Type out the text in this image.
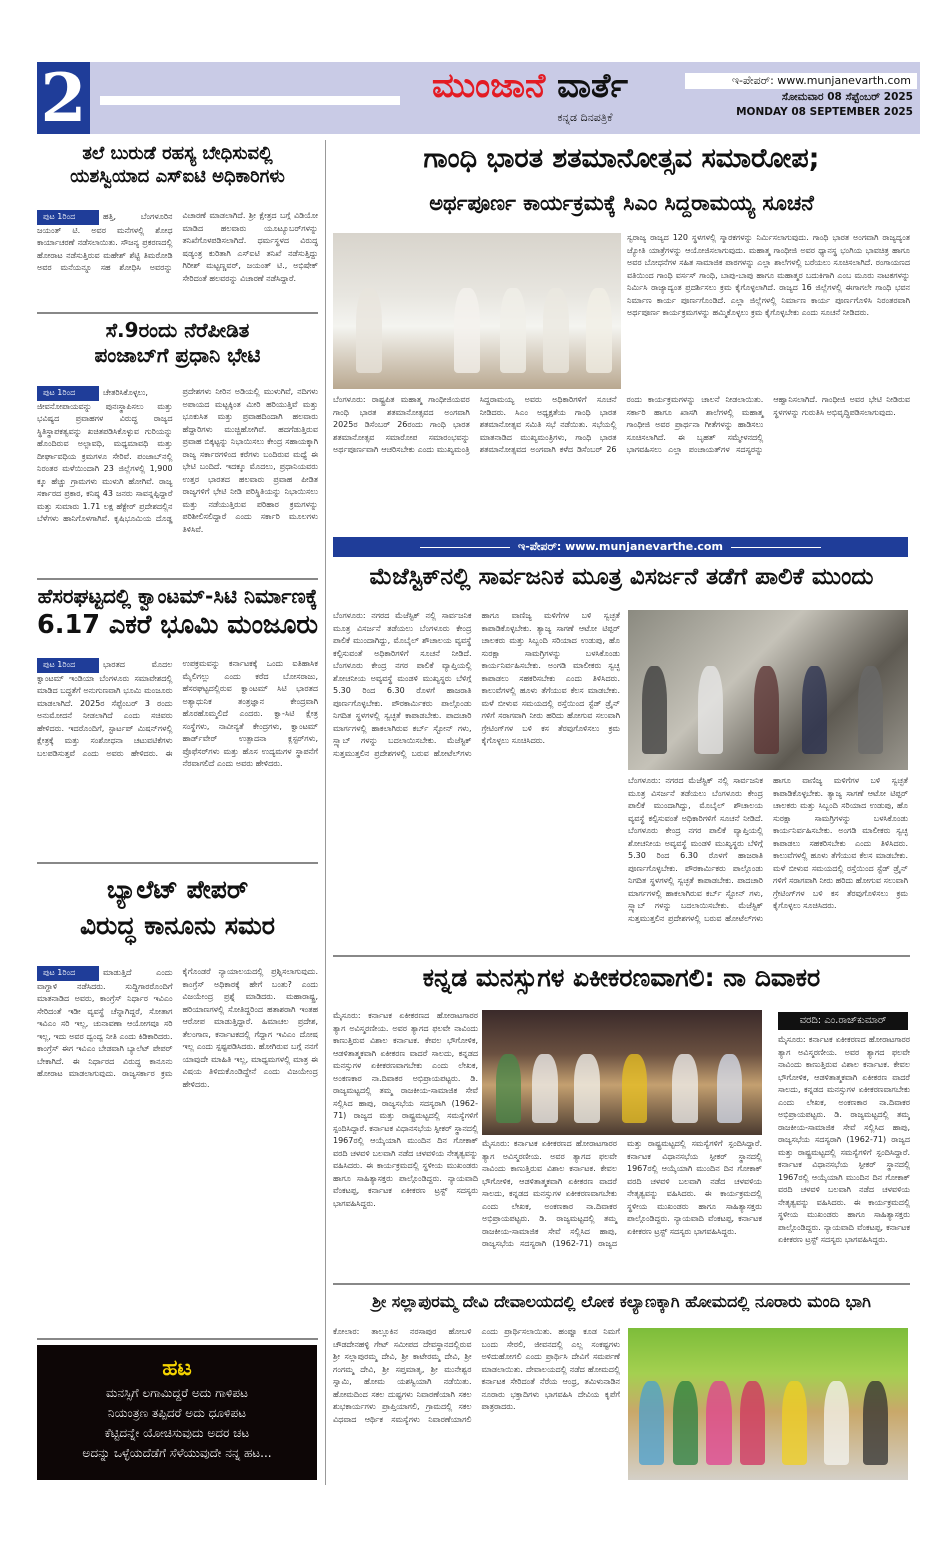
2	ಮುಂಜಾನೆ ವಾರ್ತೆ
ಕನ್ನಡ ದಿನಪತ್ರಿಕೆ
ಇ-ಪೇಪರ್: www.munjanevarth.com
ಸೋಮವಾರ 08 ಸೆಪ್ಟೆಂಬರ್ 2025
MONDAY 08 SEPTEMBER 2025
ತಲೆ ಬುರುಡೆ ರಹಸ್ಯ ಬೇಧಿಸುವಲ್ಲಿ
ಯಶಸ್ವಿಯಾದ ಎಸ್‌ಐಟಿ ಅಧಿಕಾರಿಗಳು
ಪುಟ 1ರಿಂದ	ಹತ್ತಿ, ಬೆಂಗಳೂರಿನ ಜಯಂತ್ ಟಿ. ಅವರ ಮನೆಗಳಲ್ಲಿ ಶೋಧ ಕಾರ್ಯಾಚರಣೆ ನಡೆಸಲಾಯಿತು. ಸೌಜನ್ಯ ಪ್ರಕರಣದಲ್ಲಿ ಹೋರಾಟ ನಡೆಸುತ್ತಿರುವ ಮಹೇಶ್ ಶೆಟ್ಟಿ ತಿಮರೋಡಿ ಅವರ ಮನೆಯನ್ನೂ ಸಹ ಶೋಧಿಸಿ ಅವರನ್ನು ವಿಚಾರಣೆ ಮಾಡಲಾಗಿದೆ. ಶ್ರೀ ಕ್ಷೇತ್ರದ ಬಗ್ಗೆ ವಿಡಿಯೋ ಮಾಡಿದ ಹಲವಾರು ಯೂಟ್ಯೂಬರ್‌ಗಳನ್ನು ತನಿಖೆಗೊಳಪಡಿಸಲಾಗಿದೆ. ಧರ್ಮಸ್ಥಳದ ವಿರುದ್ಧ ಷಡ್ಯಂತ್ರ ಕುರಿತಾಗಿ ಎಸ್‌ಐಟಿ ತನಿಖೆ ನಡೆಸುತ್ತಿದ್ದು ಗಿರೀಶ್ ಮಟ್ಟಣ್ಣವರ್, ಜಯಂತ್ ಟಿ., ಅಭಿಷೇಕ್ ಸೇರಿದಂತೆ ಹಲವರನ್ನು ವಿಚಾರಣೆ ನಡೆಸಿದ್ದಾರೆ.
ಸೆ.9ರಂದು ನೆರೆಪೀಡಿತ
ಪಂಜಾಬ್‌ಗೆ ಪ್ರಧಾನಿ ಭೇಟಿ
ಪುಟ 1ರಿಂದ	ಚೇತರಿಸಿಕೊಳ್ಳಲು, ಜೀವನೋಪಾಯವನ್ನು ಪುನಃಸ್ಥಾಪಿಸಲು ಮತ್ತು ಭವಿಷ್ಯದ ಪ್ರವಾಹಗಳ ವಿರುದ್ಧ ರಾಜ್ಯದ ಸ್ಥಿತಿಸ್ಥಾಪಕತ್ವವನ್ನು ಖಚಿತಪಡಿಸಿಕೊಳ್ಳುವ ಗುರಿಯನ್ನು ಹೊಂದಿರುವ ಅಲ್ಪಾವಧಿ, ಮಧ್ಯಮಾವಧಿ ಮತ್ತು ದೀರ್ಘಾವಧಿಯ ಕ್ರಮಗಳೂ ಸೇರಿವೆ. ಪಂಜಾಬ್‌ನಲ್ಲಿ ನಿರಂತರ ಮಳೆಯಿಂದಾಗಿ 23 ಜಿಲ್ಲೆಗಳಲ್ಲಿ 1,900 ಕ್ಕೂ ಹೆಚ್ಚು ಗ್ರಾಮಗಳು ಮುಳುಗಿ ಹೋಗಿವೆ. ರಾಜ್ಯ ಸರ್ಕಾರದ ಪ್ರಕಾರ, ಕನಿಷ್ಠ 43 ಜನರು ಸಾವನ್ನಪ್ಪಿದ್ದಾರೆ ಮತ್ತು ಸುಮಾರು 1.71 ಲಕ್ಷ ಹೆಕ್ಟೇರ್ ಪ್ರದೇಶದಲ್ಲಿನ ಬೆಳೆಗಳು ಹಾನಿಗೊಳಗಾಗಿವೆ. ಕೃಷಿಭೂಮಿಯ ದೊಡ್ಡ ಪ್ರದೇಶಗಳು ನೀರಿನ ಅಡಿಯಲ್ಲಿ ಮುಳುಗಿವೆ, ನದಿಗಳು ಅಪಾಯದ ಮಟ್ಟಕ್ಕಿಂತ ಮೀರಿ ಹರಿಯುತ್ತಿವೆ ಮತ್ತು ಭೂಕುಸಿತ ಮತ್ತು ಪ್ರವಾಹದಿಂದಾಗಿ ಹಲವಾರು ಹೆದ್ದಾರಿಗಳು ಮುಚ್ಚಿಹೋಗಿವೆ. ಹದಗೆಡುತ್ತಿರುವ ಪ್ರವಾಹ ಬಿಕ್ಕಟ್ಟನ್ನು ನಿಭಾಯಿಸಲು ಕೇಂದ್ರ ಸಹಾಯಕ್ಕಾಗಿ ರಾಜ್ಯ ಸರ್ಕಾರಗಳಿಂದ ಕರೆಗಳು ಬಂದಿರುವ ಮಧ್ಯೆ ಈ ಭೇಟಿ ಬಂದಿದೆ. ಇದಕ್ಕೂ ಮೊದಲು, ಪ್ರಧಾನಿಯವರು ಉತ್ತರ ಭಾರತದ ಹಲವಾರು ಪ್ರವಾಹ ಪೀಡಿತ ರಾಜ್ಯಗಳಿಗೆ ಭೇಟಿ ನೀಡಿ ಪರಿಸ್ಥಿತಿಯನ್ನು ನಿಭಾಯಿಸಲು ಮತ್ತು ನಡೆಯುತ್ತಿರುವ ಪರಿಹಾರ ಕ್ರಮಗಳನ್ನು ಪರಿಶೀಲಿಸಲಿದ್ದಾರೆ ಎಂದು ಸರ್ಕಾರಿ ಮೂಲಗಳು ತಿಳಿಸಿವೆ.
ಹೆಸರಘಟ್ಟದಲ್ಲಿ ಕ್ವಾಂಟಮ್-ಸಿಟಿ ನಿರ್ಮಾಣಕ್ಕೆ
6.17 ಎಕರೆ ಭೂಮಿ ಮಂಜೂರು
ಪುಟ 1ರಿಂದ	ಭಾರತದ ಮೊದಲ ಕ್ವಾಂಟಮ್ ಇಂಡಿಯಾ ಬೆಂಗಳೂರು ಸಮಾವೇಶದಲ್ಲಿ ಮಾಡಿದ ಬದ್ಧತೆಗೆ ಅನುಗುಣವಾಗಿ ಭೂಮಿ ಮಂಜೂರು ಮಾಡಲಾಗಿದೆ. 2025ರ ಸೆಪ್ಟೆಂಬರ್ 3 ರಂದು ಅನುಮೋದನೆ ನೀಡಲಾಗಿದೆ ಎಂದು ಸಚಿವರು ಹೇಳಿದರು. ಇದರೊಂದಿಗೆ, ಸ್ಟಾರ್ಟಪ್ ಮಿಷನ್‌ಗಳಲ್ಲಿ ಕ್ಷೇತ್ರಕ್ಕೆ ಮತ್ತು ಸಂಶೋಧನಾ ಚಟುವಟಿಕೆಗಳು ಬಲಪಡಿಸುತ್ತವೆ ಎಂದು ಅವರು ಹೇಳಿದರು. ಈ ಉಪಕ್ರಮವನ್ನು ಕರ್ನಾಟಕಕ್ಕೆ ಒಂದು ಐತಿಹಾಸಿಕ ಮೈಲಿಗಲ್ಲು ಎಂದು ಕರೆದ ಬೋಸರಾಜು, ಹೆಸರಘಟ್ಟದಲ್ಲಿರುವ ಕ್ವಾಂಟಮ್ ಸಿಟಿ ಭಾರತದ ಅತ್ಯಾಧುನಿಕ ತಂತ್ರಜ್ಞಾನ ಕೇಂದ್ರವಾಗಿ ಹೊರಹೊಮ್ಮಲಿದೆ ಎಂದರು. ಕ್ವಾ-ಸಿಟಿ ಕ್ಷೇತ್ರ ಸಂಸ್ಥೆಗಳು, ನಾವೀನ್ಯತೆ ಕೇಂದ್ರಗಳು, ಕ್ವಾಂಟಮ್ ಹಾರ್ಡ್‌ವೇರ್ ಉತ್ಪಾದನಾ ಕ್ಲಸ್ಟರ್‌ಗಳು, ಪ್ರೊಫೆಸರ್‌ಗಳು ಮತ್ತು ಹೊಸ ಉದ್ಯಮಗಳ ಸ್ಥಾಪನೆಗೆ ನೆರವಾಗಲಿದೆ ಎಂದು ಅವರು ಹೇಳಿದರು.
ಬ್ಯಾಲೆಟ್ ಪೇಪರ್
ವಿರುದ್ಧ ಕಾನೂನು ಸಮರ
ಪುಟ 1ರಿಂದ	ಮಾಡುತ್ತಿದೆ ಎಂದು ವಾಗ್ದಾಳಿ ನಡೆಸಿದರು. ಸುದ್ದಿಗಾರರೊಂದಿಗೆ ಮಾತನಾಡಿದ ಅವರು, ಕಾಂಗ್ರೆಸ್ ನಿರ್ಧಾರ ಇವಿಎಂ ಸೇರಿದಂತೆ ಇಡೀ ವ್ಯವಸ್ಥೆ ಚೆನ್ನಾಗಿದ್ದರೆ, ಸೋತಾಗ ಇವಿಎಂ ಸರಿ ಇಲ್ಲ, ಚುನಾವಣಾ ಆಯೋಗವೂ ಸರಿ ಇಲ್ಲ, ಇದು ಅವರ ದ್ವಂದ್ವ ನೀತಿ ಎಂದು ಕಿಡಿಕಾರಿದರು. ಕಾಂಗ್ರೆಸ್ ಈಗ ಇವಿಎಂ ಬೇಡವಾಗಿ ಬ್ಯಾಲೆಟ್ ಪೇಪರ್ ಬೇಕಾಗಿದೆ. ಈ ನಿರ್ಧಾರದ ವಿರುದ್ಧ ಕಾನೂನು ಹೋರಾಟ ಮಾಡಲಾಗುವುದು. ರಾಜ್ಯಸರ್ಕಾರ ಕ್ರಮ ಕೈಗೊಂಡರೆ ನ್ಯಾಯಾಲಯದಲ್ಲಿ ಪ್ರಶ್ನಿಸಲಾಗುವುದು. ಕಾಂಗ್ರೆಸ್ ಅಧಿಕಾರಕ್ಕೆ ಹೇಗೆ ಬಂತು? ಎಂದು ವಿಜಯೇಂದ್ರ ಪ್ರಶ್ನೆ ಮಾಡಿದರು. ಮಹಾರಾಷ್ಟ್ರ, ಹರಿಯಾಣಗಳಲ್ಲಿ ಸೋತಿದ್ದರಿಂದ ಹತಾಶರಾಗಿ ಇಂತಹ ಆರೋಪ ಮಾಡುತ್ತಿದ್ದಾರೆ. ಹಿಮಾಚಲ ಪ್ರದೇಶ, ತೆಲಂಗಾಣ, ಕರ್ನಾಟಕದಲ್ಲಿ ಗೆದ್ದಾಗ ಇವಿಎಂ ದೋಷ ಇಲ್ಲ ಎಂದು ಸ್ಪಷ್ಟಪಡಿಸಿದರು. ಹೋಗಿರುವ ಬಗ್ಗೆ ನನಗೆ ಯಾವುದೇ ಮಾಹಿತಿ ಇಲ್ಲ, ಮಾಧ್ಯಮಗಳಲ್ಲಿ ಮಾತ್ರ ಈ ವಿಷಯ ತಿಳಿದುಕೊಂಡಿದ್ದೇನೆ ಎಂದು ವಿಜಯೇಂದ್ರ ಹೇಳಿದರು.
ಹಟ
ಮನಸ್ಸಿಗೆ ಲಗಾಮಿದ್ದರೆ ಅದು ಗಾಳಿಪಟ
ನಿಯಂತ್ರಣ ತಪ್ಪಿದರೆ ಅದು ಧೂಳಿಪಟ
ಕೆಟ್ಟಿದನ್ನೇ ಯೋಚಿಸುವುದು ಅದರ ಚಟ
ಅದನ್ನು ಒಳ್ಳೆಯದೆಡೆಗೆ ಸೆಳೆಯುವುದೇ ನನ್ನ ಹಟ...
ಗಾಂಧಿ ಭಾರತ ಶತಮಾನೋತ್ಸವ ಸಮಾರೋಪ;
ಅರ್ಥಪೂರ್ಣ ಕಾರ್ಯಕ್ರಮಕ್ಕೆ ಸಿಎಂ ಸಿದ್ದರಾಮಯ್ಯ ಸೂಚನೆ
ಸ್ವರಾಜ್ಯ ರಾಜ್ಯದ 120 ಸ್ಥಳಗಳಲ್ಲಿ ಸ್ಮಾರಕಗಳನ್ನು ನಿರ್ಮಿಸಲಾಗುವುದು. ಗಾಂಧಿ ಭಾರತ ಅಂಗವಾಗಿ ರಾಜ್ಯದ್ಯಂತ ಜ್ಯೋತಿ ಯಾತ್ರೆಗಳನ್ನು ಆಯೋಜಿಸಲಾಗುವುದು. ಮಹಾತ್ಮ ಗಾಂಧೀಜಿ ಅವರ ಧ್ಯಾನಸ್ಥ ಭಂಗಿಯ ಭಾವಚಿತ್ರ ಹಾಗೂ ಅವರ ಬೋಧನೆಗಳ ಸಹಿತ ಸಾಮಾಜಿಕ ಪಾಠಗಳನ್ನು ಎಲ್ಲಾ ಶಾಲೆಗಳಲ್ಲಿ ಬರೆಯಲು ಸೂಚಿಸಲಾಗಿದೆ. ರಂಗಾಯಣದ ವತಿಯಿಂದ ಗಾಂಧಿ ವರ್ಸಸ್ ಗಾಂಧಿ, ಬಾಪು-ಬಾಪು ಹಾಗೂ ಮಹಾತ್ಮರ ಬದುಕಿಗಾಗಿ ಎಂಬ ಮೂರು ನಾಟಕಗಳನ್ನು ನಿರ್ಮಿಸಿ ರಾಜ್ಯಾದ್ಯಂತ ಪ್ರದರ್ಶಿಸಲು ಕ್ರಮ ಕೈಗೊಳ್ಳಲಾಗಿದೆ. ರಾಜ್ಯದ 16 ಜಿಲ್ಲೆಗಳಲ್ಲಿ ಈಗಾಗಲೇ ಗಾಂಧಿ ಭವನ ನಿರ್ಮಾಣ ಕಾರ್ಯ ಪೂರ್ಣಗೊಂಡಿದೆ. ಎಲ್ಲಾ ಜಿಲ್ಲೆಗಳಲ್ಲಿ ನಿರ್ಮಾಣ ಕಾರ್ಯ ಪೂರ್ಣಗೊಳಿಸಿ ನಿರಂತರವಾಗಿ ಅರ್ಥಪೂರ್ಣ ಕಾರ್ಯಕ್ರಮಗಳನ್ನು ಹಮ್ಮಿಕೊಳ್ಳಲು ಕ್ರಮ ಕೈಗೊಳ್ಳಬೇಕು ಎಂದು ಸೂಚನೆ ನೀಡಿದರು.
ಬೆಂಗಳೂರು: ರಾಷ್ಟ್ರಪಿತ ಮಹಾತ್ಮ ಗಾಂಧೀಜಿಯವರ ಗಾಂಧಿ ಭಾರತ ಶತಮಾನೋತ್ಸವದ ಅಂಗವಾಗಿ 2025ರ ಡಿಸೆಂಬರ್ 26ರಂದು ಗಾಂಧಿ ಭಾರತ ಶತಮಾನೋತ್ಸವ ಸಮಾರೋಪ ಸಮಾರಂಭವನ್ನು ಅರ್ಥಪೂರ್ಣವಾಗಿ ಆಚರಿಸಬೇಕು ಎಂದು ಮುಖ್ಯಮಂತ್ರಿ ಸಿದ್ದರಾಮಯ್ಯ ಅವರು ಅಧಿಕಾರಿಗಳಿಗೆ ಸೂಚನೆ ನೀಡಿದರು. ಸಿಎಂ ಅಧ್ಯಕ್ಷತೆಯ ಗಾಂಧಿ ಭಾರತ ಶತಮಾನೋತ್ಸವ ಸಮಿತಿ ಸಭೆ ನಡೆಯಿತು. ಸಭೆಯಲ್ಲಿ ಮಾತನಾಡಿದ ಮುಖ್ಯಮಂತ್ರಿಗಳು, ಗಾಂಧಿ ಭಾರತ ಶತಮಾನೋತ್ಸವದ ಅಂಗವಾಗಿ ಕಳೆದ ಡಿಸೆಂಬರ್ 26 ರಂದು ಕಾರ್ಯಕ್ರಮಗಳನ್ನು ಚಾಲನೆ ನೀಡಲಾಯಿತು. ಸರ್ಕಾರಿ ಹಾಗೂ ಖಾಸಗಿ ಶಾಲೆಗಳಲ್ಲಿ ಮಹಾತ್ಮ ಗಾಂಧೀಜಿ ಅವರ ಪ್ರಾರ್ಥನಾ ಗೀತೆಗಳನ್ನು ಹಾಡಿಸಲು ಸೂಚಿಸಲಾಗಿದೆ. ಈ ಬೃಹತ್ ಸಮ್ಮೇಳನದಲ್ಲಿ ಭಾಗವಹಿಸಲು ಎಲ್ಲಾ ಪಂಚಾಯತ್‌ಗಳ ಸದಸ್ಯರನ್ನು ಆಹ್ವಾನಿಸಲಾಗಿದೆ. ಗಾಂಧೀಜಿ ಅವರ ಭೇಟಿ ನೀಡಿರುವ ಸ್ಥಳಗಳನ್ನು ಗುರುತಿಸಿ ಅಭಿವೃದ್ಧಿಪಡಿಸಲಾಗುವುದು.
ಇ-ಪೇಪರ್: www.munjanevarthe.com
ಮೆಜೆಸ್ಟಿಕ್‌ನಲ್ಲಿ ಸಾರ್ವಜನಿಕ ಮೂತ್ರ ವಿಸರ್ಜನೆ ತಡೆಗೆ ಪಾಲಿಕೆ ಮುಂದು
ಬೆಂಗಳೂರು: ನಗರದ ಮೆಜೆಸ್ಟಿಕ್ ನಲ್ಲಿ ಸಾರ್ವಜನಿಕ ಮೂತ್ರ ವಿಸರ್ಜನೆ ತಡೆಯಲು ಬೆಂಗಳೂರು ಕೇಂದ್ರ ಪಾಲಿಕೆ ಮುಂದಾಗಿದ್ದು, ಮೊಬೈಲ್ ಶೌಚಾಲಯ ವ್ಯವಸ್ಥೆ ಕಲ್ಪಿಸುವಂತೆ ಅಧಿಕಾರಿಗಳಿಗೆ ಸೂಚನೆ ನೀಡಿದೆ. ಬೆಂಗಳೂರು ಕೇಂದ್ರ ನಗರ ಪಾಲಿಕೆ ವ್ಯಾಪ್ತಿಯಲ್ಲಿ ಶೋಚನೀಯ ಅವ್ಯವಸ್ಥೆ ಮಂಡಳಿ ಮುಖ್ಯಸ್ಥರು ಬೆಳಿಗ್ಗೆ 5.30 ರಿಂದ 6.30 ರೊಳಗೆ ಹಾಜರಾತಿ ಪೂರ್ಣಗೊಳ್ಳಬೇಕು. ಪೌರಕಾರ್ಮಿಕರು ಪಾಲ್ಗೊಂಡು ನಿಗದಿತ ಸ್ಥಳಗಳಲ್ಲಿ ಸ್ವಚ್ಛತೆ ಕಾಪಾಡಬೇಕು. ಪಾದಚಾರಿ ಮಾರ್ಗಗಳಲ್ಲಿ ಹಾಕಲಾಗಿರುವ ಕರ್ಬ್ ಸ್ಟೋನ್ ಗಳು, ಸ್ಲ್ಯಾಬ್ ಗಳನ್ನು ಬದಲಾಯಿಸಬೇಕು. ಮೆಜೆಸ್ಟಿಕ್ ಸುತ್ತಮುತ್ತಲಿನ ಪ್ರದೇಶಗಳಲ್ಲಿ ಬರುವ ಹೋಟೆಲ್‌ಗಳು ಹಾಗೂ ವಾಣಿಜ್ಯ ಮಳಿಗೆಗಳ ಬಳಿ ಸ್ವಚ್ಛತೆ ಕಾಪಾಡಿಕೊಳ್ಳಬೇಕು. ತ್ಯಾಜ್ಯ ಸಾಗಣೆ ಆಟೋ ಟಿಪ್ಪರ್ ಚಾಲಕರು ಮತ್ತು ಸಿಬ್ಬಂದಿ ಸರಿಯಾದ ಉಡುಪು, ಹೊ ಸುರಕ್ಷಾ ಸಾಮಗ್ರಿಗಳನ್ನು ಬಳಸಿಕೊಂಡು ಕಾರ್ಯನಿರ್ವಹಿಸಬೇಕು. ಅಂಗಡಿ ಮಾಲೀಕರು ಸ್ವಚ್ಛ ಕಾಪಾಡಲು ಸಹಕರಿಸಬೇಕು ಎಂದು ತಿಳಿಸಿದರು. ಕಾಲುವೆಗಳಲ್ಲಿ ಹೂಳು ತೆಗೆಯುವ ಕೆಲಸ ಮಾಡಬೇಕು. ಮಳೆ ಬೀಳುವ ಸಮಯದಲ್ಲಿ ರಸ್ತೆಯಿಂದ ಸ್ಟೆಡ್ ಡ್ರೈನ್ ಗಳಿಗೆ ಸರಾಗವಾಗಿ ನೀರು ಹರಿದು ಹೋಗುವ ಸಲುವಾಗಿ ಗ್ರೇಟಿಂಗ್‌ಗಳ ಬಳಿ ಕಸ ತೆರವುಗೊಳಿಸಲು ಕ್ರಮ ಕೈಗೊಳ್ಳಲು ಸೂಚಿಸಿದರು.
ಬೆಂಗಳೂರು: ನಗರದ ಮೆಜೆಸ್ಟಿಕ್ ನಲ್ಲಿ ಸಾರ್ವಜನಿಕ ಮೂತ್ರ ವಿಸರ್ಜನೆ ತಡೆಯಲು ಬೆಂಗಳೂರು ಕೇಂದ್ರ ಪಾಲಿಕೆ ಮುಂದಾಗಿದ್ದು, ಮೊಬೈಲ್ ಶೌಚಾಲಯ ವ್ಯವಸ್ಥೆ ಕಲ್ಪಿಸುವಂತೆ ಅಧಿಕಾರಿಗಳಿಗೆ ಸೂಚನೆ ನೀಡಿದೆ. ಬೆಂಗಳೂರು ಕೇಂದ್ರ ನಗರ ಪಾಲಿಕೆ ವ್ಯಾಪ್ತಿಯಲ್ಲಿ ಶೋಚನೀಯ ಅವ್ಯವಸ್ಥೆ ಮಂಡಳಿ ಮುಖ್ಯಸ್ಥರು ಬೆಳಿಗ್ಗೆ 5.30 ರಿಂದ 6.30 ರೊಳಗೆ ಹಾಜರಾತಿ ಪೂರ್ಣಗೊಳ್ಳಬೇಕು. ಪೌರಕಾರ್ಮಿಕರು ಪಾಲ್ಗೊಂಡು ನಿಗದಿತ ಸ್ಥಳಗಳಲ್ಲಿ ಸ್ವಚ್ಛತೆ ಕಾಪಾಡಬೇಕು. ಪಾದಚಾರಿ ಮಾರ್ಗಗಳಲ್ಲಿ ಹಾಕಲಾಗಿರುವ ಕರ್ಬ್ ಸ್ಟೋನ್ ಗಳು, ಸ್ಲ್ಯಾಬ್ ಗಳನ್ನು ಬದಲಾಯಿಸಬೇಕು. ಮೆಜೆಸ್ಟಿಕ್ ಸುತ್ತಮುತ್ತಲಿನ ಪ್ರದೇಶಗಳಲ್ಲಿ ಬರುವ ಹೋಟೆಲ್‌ಗಳು ಹಾಗೂ ವಾಣಿಜ್ಯ ಮಳಿಗೆಗಳ ಬಳಿ ಸ್ವಚ್ಛತೆ ಕಾಪಾಡಿಕೊಳ್ಳಬೇಕು. ತ್ಯಾಜ್ಯ ಸಾಗಣೆ ಆಟೋ ಟಿಪ್ಪರ್ ಚಾಲಕರು ಮತ್ತು ಸಿಬ್ಬಂದಿ ಸರಿಯಾದ ಉಡುಪು, ಹೊ ಸುರಕ್ಷಾ ಸಾಮಗ್ರಿಗಳನ್ನು ಬಳಸಿಕೊಂಡು ಕಾರ್ಯನಿರ್ವಹಿಸಬೇಕು. ಅಂಗಡಿ ಮಾಲೀಕರು ಸ್ವಚ್ಛ ಕಾಪಾಡಲು ಸಹಕರಿಸಬೇಕು ಎಂದು ತಿಳಿಸಿದರು. ಕಾಲುವೆಗಳಲ್ಲಿ ಹೂಳು ತೆಗೆಯುವ ಕೆಲಸ ಮಾಡಬೇಕು. ಮಳೆ ಬೀಳುವ ಸಮಯದಲ್ಲಿ ರಸ್ತೆಯಿಂದ ಸ್ಟೆಡ್ ಡ್ರೈನ್ ಗಳಿಗೆ ಸರಾಗವಾಗಿ ನೀರು ಹರಿದು ಹೋಗುವ ಸಲುವಾಗಿ ಗ್ರೇಟಿಂಗ್‌ಗಳ ಬಳಿ ಕಸ ತೆರವುಗೊಳಿಸಲು ಕ್ರಮ ಕೈಗೊಳ್ಳಲು ಸೂಚಿಸಿದರು.
ಕನ್ನಡ ಮನಸ್ಸುಗಳ ಏಕೀಕರಣವಾಗಲಿ: ನಾ ದಿವಾಕರ
ವರದಿ: ಎಂ.ರಾಜ್‌ಕುಮಾರ್
ಮೈಸೂರು: ಕರ್ನಾಟಕ ಏಕೀಕರಣದ ಹೋರಾಟಗಾರರ ತ್ಯಾಗ ಅವಿಸ್ಮರಣೀಯ. ಅವರ ತ್ಯಾಗದ ಫಲವೇ ನಾವಿಂದು ಕಾಣುತ್ತಿರುವ ವಿಶಾಲ ಕರ್ನಾಟಕ. ಕೇವಲ ಭೌಗೋಳಿಕ, ಆಡಳಿತಾತ್ಮಕವಾಗಿ ಏಕೀಕರಣ ವಾದರೆ ಸಾಲದು, ಕನ್ನಡದ ಮನಸ್ಸುಗಳ ಏಕೀಕರಣವಾಗಬೇಕು ಎಂದು ಲೇಖಕ, ಅಂಕಣಕಾರ ನಾ.ದಿವಾಕರ ಅಭಿಪ್ರಾಯಪಟ್ಟರು. ಡಿ. ರಾಜ್ಯಮಟ್ಟದಲ್ಲಿ ತಮ್ಮ ರಾಜಕೀಯ-ಸಾಮಾಜಿಕ ಸೇವೆ ಸಲ್ಲಿಸಿದ ಹಾಪು, ರಾಜ್ಯಸಭೆಯ ಸದಸ್ಯರಾಗಿ (1962-71) ರಾಜ್ಯದ ಮತ್ತು ರಾಷ್ಟ್ರಮಟ್ಟದಲ್ಲಿ ಸಮಸ್ಯೆಗಳಿಗೆ ಸ್ಪಂದಿಸಿದ್ದಾರೆ. ಕರ್ನಾಟಕ ವಿಧಾನಸಭೆಯ ಸ್ಪೀಕರ್ ಸ್ಥಾನದಲ್ಲಿ 1967ರಲ್ಲಿ ಆಯ್ಕೆಯಾಗಿ ಮುಂದಿನ ದಿನ ಗೋಕಾಕ್ ವರದಿ ಚಳವಳಿ ಬಲವಾಗಿ ನಡೆದ ಚಳವಳಿಯ ನೇತೃತ್ವವನ್ನು ವಹಿಸಿದರು. ಈ ಕಾರ್ಯಕ್ರಮದಲ್ಲಿ ಸ್ಥಳೀಯ ಮುಖಂಡರು ಹಾಗೂ ಸಾಹಿತ್ಯಾಸಕ್ತರು ಪಾಲ್ಗೊಂಡಿದ್ದರು. ನ್ಯಾಯವಾದಿ ವೆಂಕಟಪ್ಪ, ಕರ್ನಾಟಕ ಏಕೀಕರಣ ಟ್ರಸ್ಟ್ ಸದಸ್ಯರು ಭಾಗವಹಿಸಿದ್ದರು.
ಮೈಸೂರು: ಕರ್ನಾಟಕ ಏಕೀಕರಣದ ಹೋರಾಟಗಾರರ ತ್ಯಾಗ ಅವಿಸ್ಮರಣೀಯ. ಅವರ ತ್ಯಾಗದ ಫಲವೇ ನಾವಿಂದು ಕಾಣುತ್ತಿರುವ ವಿಶಾಲ ಕರ್ನಾಟಕ. ಕೇವಲ ಭೌಗೋಳಿಕ, ಆಡಳಿತಾತ್ಮಕವಾಗಿ ಏಕೀಕರಣ ವಾದರೆ ಸಾಲದು, ಕನ್ನಡದ ಮನಸ್ಸುಗಳ ಏಕೀಕರಣವಾಗಬೇಕು ಎಂದು ಲೇಖಕ, ಅಂಕಣಕಾರ ನಾ.ದಿವಾಕರ ಅಭಿಪ್ರಾಯಪಟ್ಟರು. ಡಿ. ರಾಜ್ಯಮಟ್ಟದಲ್ಲಿ ತಮ್ಮ ರಾಜಕೀಯ-ಸಾಮಾಜಿಕ ಸೇವೆ ಸಲ್ಲಿಸಿದ ಹಾಪು, ರಾಜ್ಯಸಭೆಯ ಸದಸ್ಯರಾಗಿ (1962-71) ರಾಜ್ಯದ ಮತ್ತು ರಾಷ್ಟ್ರಮಟ್ಟದಲ್ಲಿ ಸಮಸ್ಯೆಗಳಿಗೆ ಸ್ಪಂದಿಸಿದ್ದಾರೆ. ಕರ್ನಾಟಕ ವಿಧಾನಸಭೆಯ ಸ್ಪೀಕರ್ ಸ್ಥಾನದಲ್ಲಿ 1967ರಲ್ಲಿ ಆಯ್ಕೆಯಾಗಿ ಮುಂದಿನ ದಿನ ಗೋಕಾಕ್ ವರದಿ ಚಳವಳಿ ಬಲವಾಗಿ ನಡೆದ ಚಳವಳಿಯ ನೇತೃತ್ವವನ್ನು ವಹಿಸಿದರು. ಈ ಕಾರ್ಯಕ್ರಮದಲ್ಲಿ ಸ್ಥಳೀಯ ಮುಖಂಡರು ಹಾಗೂ ಸಾಹಿತ್ಯಾಸಕ್ತರು ಪಾಲ್ಗೊಂಡಿದ್ದರು. ನ್ಯಾಯವಾದಿ ವೆಂಕಟಪ್ಪ, ಕರ್ನಾಟಕ ಏಕೀಕರಣ ಟ್ರಸ್ಟ್ ಸದಸ್ಯರು ಭಾಗವಹಿಸಿದ್ದರು.
ಮೈಸೂರು: ಕರ್ನಾಟಕ ಏಕೀಕರಣದ ಹೋರಾಟಗಾರರ ತ್ಯಾಗ ಅವಿಸ್ಮರಣೀಯ. ಅವರ ತ್ಯಾಗದ ಫಲವೇ ನಾವಿಂದು ಕಾಣುತ್ತಿರುವ ವಿಶಾಲ ಕರ್ನಾಟಕ. ಕೇವಲ ಭೌಗೋಳಿಕ, ಆಡಳಿತಾತ್ಮಕವಾಗಿ ಏಕೀಕರಣ ವಾದರೆ ಸಾಲದು, ಕನ್ನಡದ ಮನಸ್ಸುಗಳ ಏಕೀಕರಣವಾಗಬೇಕು ಎಂದು ಲೇಖಕ, ಅಂಕಣಕಾರ ನಾ.ದಿವಾಕರ ಅಭಿಪ್ರಾಯಪಟ್ಟರು. ಡಿ. ರಾಜ್ಯಮಟ್ಟದಲ್ಲಿ ತಮ್ಮ ರಾಜಕೀಯ-ಸಾಮಾಜಿಕ ಸೇವೆ ಸಲ್ಲಿಸಿದ ಹಾಪು, ರಾಜ್ಯಸಭೆಯ ಸದಸ್ಯರಾಗಿ (1962-71) ರಾಜ್ಯದ ಮತ್ತು ರಾಷ್ಟ್ರಮಟ್ಟದಲ್ಲಿ ಸಮಸ್ಯೆಗಳಿಗೆ ಸ್ಪಂದಿಸಿದ್ದಾರೆ. ಕರ್ನಾಟಕ ವಿಧಾನಸಭೆಯ ಸ್ಪೀಕರ್ ಸ್ಥಾನದಲ್ಲಿ 1967ರಲ್ಲಿ ಆಯ್ಕೆಯಾಗಿ ಮುಂದಿನ ದಿನ ಗೋಕಾಕ್ ವರದಿ ಚಳವಳಿ ಬಲವಾಗಿ ನಡೆದ ಚಳವಳಿಯ ನೇತೃತ್ವವನ್ನು ವಹಿಸಿದರು. ಈ ಕಾರ್ಯಕ್ರಮದಲ್ಲಿ ಸ್ಥಳೀಯ ಮುಖಂಡರು ಹಾಗೂ ಸಾಹಿತ್ಯಾಸಕ್ತರು ಪಾಲ್ಗೊಂಡಿದ್ದರು. ನ್ಯಾಯವಾದಿ ವೆಂಕಟಪ್ಪ, ಕರ್ನಾಟಕ ಏಕೀಕರಣ ಟ್ರಸ್ಟ್ ಸದಸ್ಯರು ಭಾಗವಹಿಸಿದ್ದರು.
ಶ್ರೀ ಸಲ್ಲಾಪುರಮ್ಮ ದೇವಿ ದೇವಾಲಯದಲ್ಲಿ ಲೋಕ ಕಲ್ಯಾಣಕ್ಕಾಗಿ ಹೋಮದಲ್ಲಿ ನೂರಾರು ಮಂದಿ ಭಾಗಿ
ಕೋಲಾರ: ತಾಲ್ಲೂಕಿನ ನರಸಾಪುರ ಹೋಬಳಿ ಚೌಡದೇನಹಳ್ಳಿ ಗೇಟ್ ಸಮೀಪದ ದೇವಸ್ಥಾನದಲ್ಲಿರುವ ಶ್ರೀ ಸಲ್ಲಾಪುರಮ್ಮ ದೇವಿ, ಶ್ರೀ ಕಾಟೇರಮ್ಮ ದೇವಿ, ಶ್ರೀ ಗಂಗಮ್ಮ ದೇವಿ, ಶ್ರೀ ಸಪ್ತಮಾತೃ, ಶ್ರೀ ಮುನೇಶ್ವರ ಸ್ವಾಮಿ, ಹೋಮ ಯಶಸ್ವಿಯಾಗಿ ನಡೆಯಿತು. ಹೋಮದಿಂದ ಸಕಲ ದುಷ್ಟಗಳು ನಿವಾರಣೆಯಾಗಿ ಸಕಲ ಶುಭಕಾರ್ಯಗಳು ಪ್ರಾಪ್ತಿಯಾಗಲಿ, ಗ್ರಾಮದಲ್ಲಿ ಸಕಲ ವಿಧವಾದ ಆರ್ಥಿಕ ಸಮಸ್ಯೆಗಳು ನಿವಾರಣೆಯಾಗಲಿ ಎಂದು ಪ್ರಾರ್ಥಿಸಲಾಯಿತು. ಹಂಪ್ಪೂ ಕೂಡ ನಿಮಗೆ ಬಂದು ಸೇರಲಿ, ಜೀವನದಲ್ಲಿ ಎಲ್ಲ ಸಂಕಷ್ಟಗಳು ಅಳಿದುಹೋಗಲಿ ಎಂದು ಪ್ರಾರ್ಥಿಸಿ ದೇವಿಗೆ ಸಮರ್ಪಣೆ ಮಾಡಲಾಯಿತು. ದೇವಾಲಯದಲ್ಲಿ ನಡೆದ ಹೋಮದಲ್ಲಿ ಕರ್ನಾಟಕ ಸೇರಿದಂತೆ ನೆರೆಯ ಆಂಧ್ರ, ತಮಿಳುನಾಡಿನ ನೂರಾರು ಭಕ್ತಾದಿಗಳು ಭಾಗವಹಿಸಿ ದೇವಿಯ ಕೃಪೆಗೆ ಪಾತ್ರರಾದರು.
